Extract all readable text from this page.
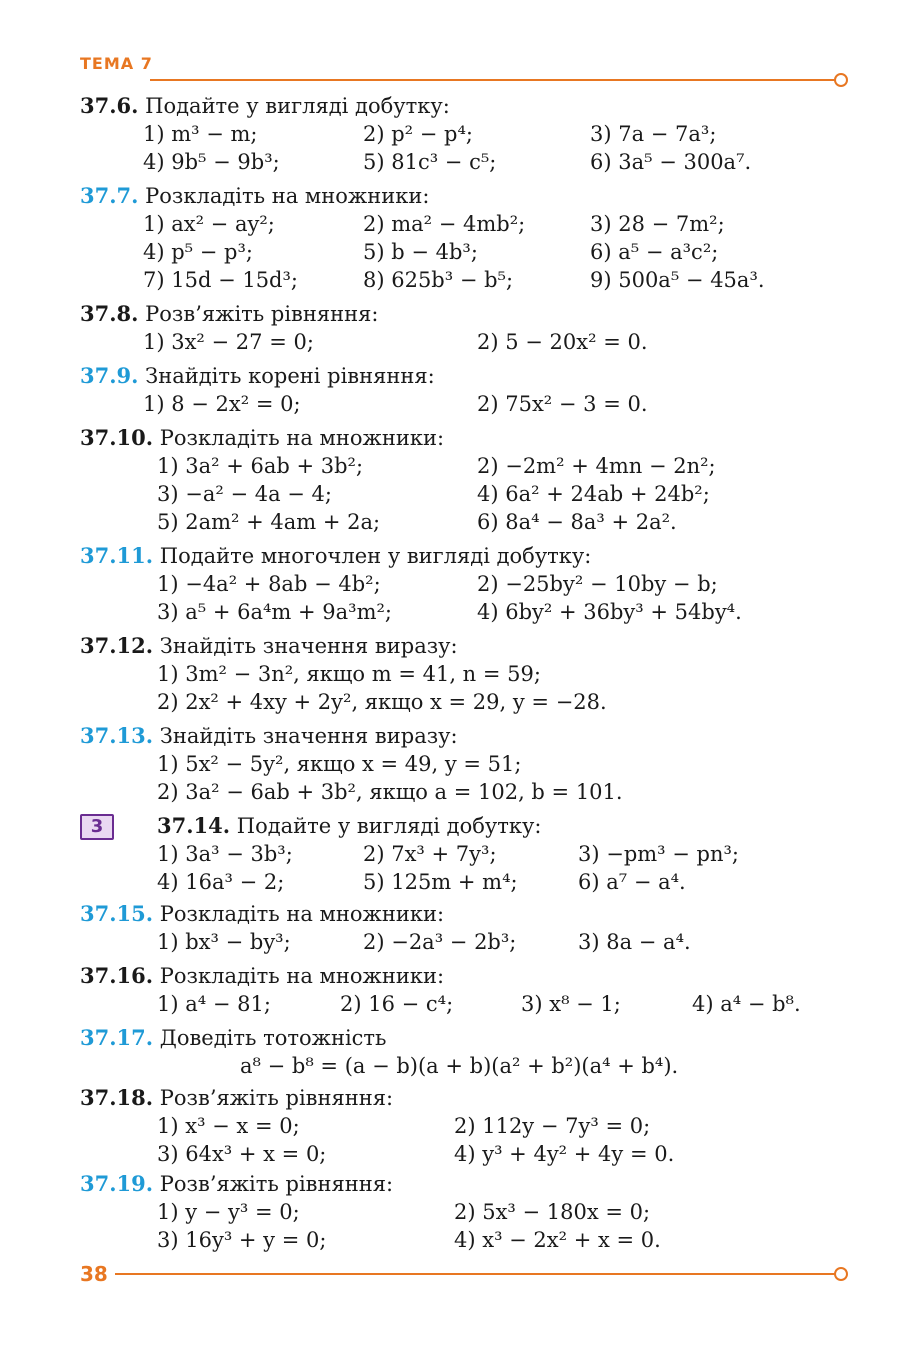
ТЕМА 7
3
37.6. Подайте у вигляді добутку:
1) m³ − m;	2) p² − p⁴;	3) 7a − 7a³;
4) 9b⁵ − 9b³;	5) 81c³ − c⁵;	6) 3a⁵ − 300a⁷.
37.7. Розкладіть на множники:
1) ax² − ay²;	2) ma² − 4mb²;	3) 28 − 7m²;
4) p⁵ − p³;	5) b − 4b³;	6) a⁵ − a³c²;
7) 15d − 15d³;	8) 625b³ − b⁵;	9) 500a⁵ − 45a³.
37.8. Розв’яжіть рівняння:
1) 3x² − 27 = 0;	2) 5 − 20x² = 0.
37.9. Знайдіть корені рівняння:
1) 8 − 2x² = 0;	2) 75x² − 3 = 0.
37.10. Розкладіть на множники:
1) 3a² + 6ab + 3b²;	2) −2m² + 4mn − 2n²;
3) −a² − 4a − 4;	4) 6a² + 24ab + 24b²;
5) 2am² + 4am + 2a;	6) 8a⁴ − 8a³ + 2a².
37.11. Подайте многочлен у вигляді добутку:
1) −4a² + 8ab − 4b²;	2) −25by² − 10by − b;
3) a⁵ + 6a⁴m + 9a³m²;	4) 6by² + 36by³ + 54by⁴.
37.12. Знайдіть значення виразу:
1) 3m² − 3n², якщо m = 41, n = 59;
2) 2x² + 4xy + 2y², якщо x = 29, y = −28.
37.13. Знайдіть значення виразу:
1) 5x² − 5y², якщо x = 49, y = 51;
2) 3a² − 6ab + 3b², якщо a = 102, b = 101.
37.14. Подайте у вигляді добутку:
1) 3a³ − 3b³;	2) 7x³ + 7y³;	3) −pm³ − pn³;
4) 16a³ − 2;	5) 125m + m⁴;	6) a⁷ − a⁴.
37.15. Розкладіть на множники:
1) bx³ − by³;	2) −2a³ − 2b³;	3) 8a − a⁴.
37.16. Розкладіть на множники:
1) a⁴ − 81;	2) 16 − c⁴;	3) x⁸ − 1;	4) a⁴ − b⁸.
37.17. Доведіть тотожність
a⁸ − b⁸ = (a − b)(a + b)(a² + b²)(a⁴ + b⁴).
37.18. Розв’яжіть рівняння:
1) x³ − x = 0;	2) 112y − 7y³ = 0;
3) 64x³ + x = 0;	4) y³ + 4y² + 4y = 0.
37.19. Розв’яжіть рівняння:
1) y − y³ = 0;	2) 5x³ − 180x = 0;
3) 16y³ + y = 0;	4) x³ − 2x² + x = 0.
38
